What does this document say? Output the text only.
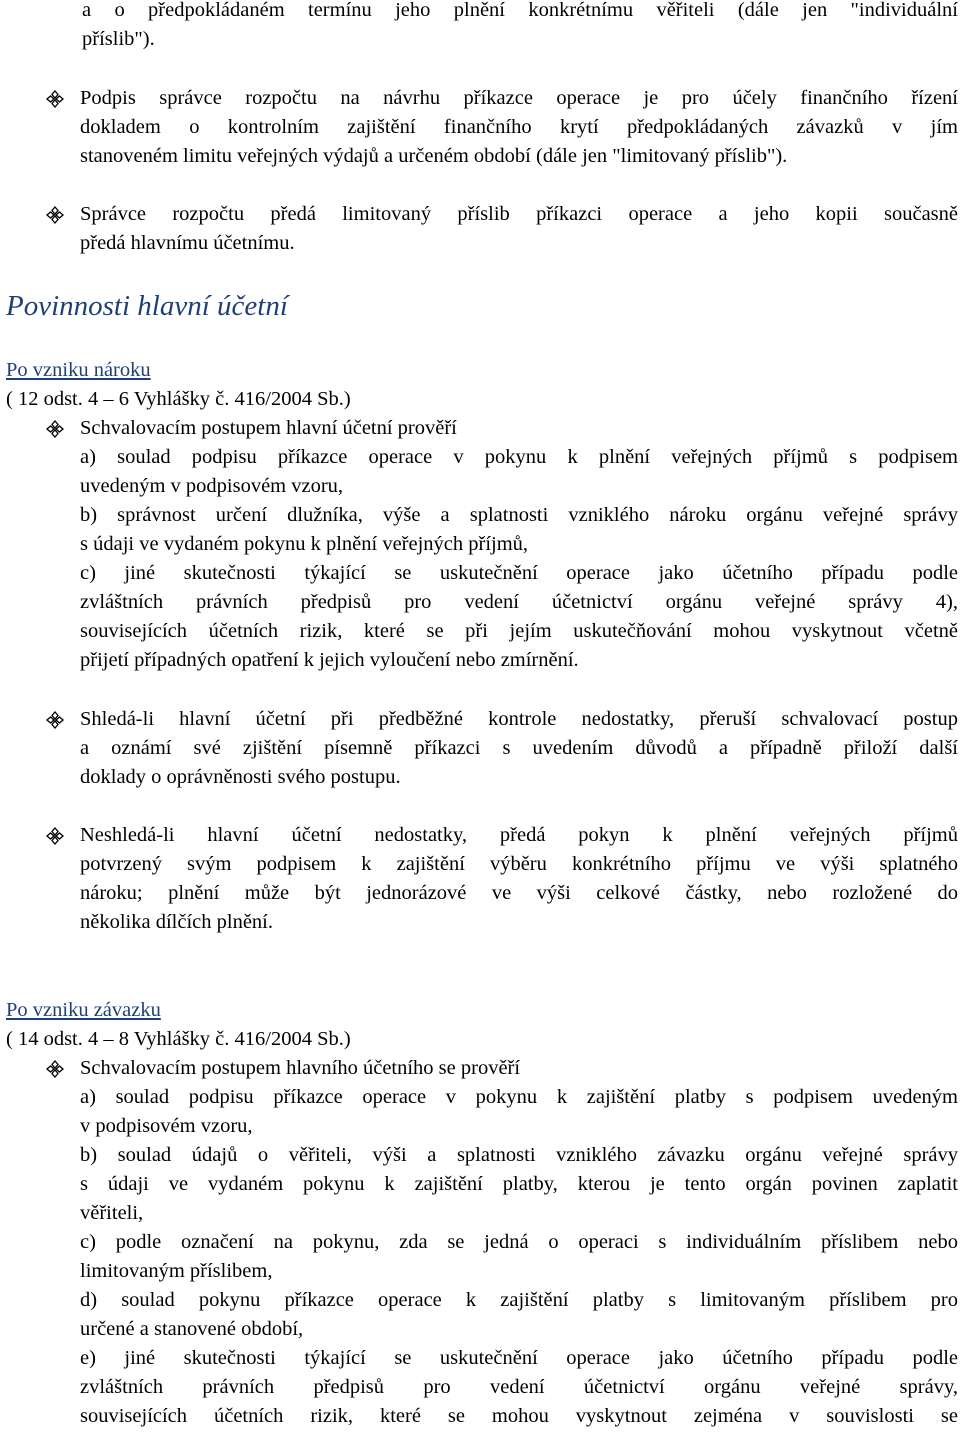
a o předpokládaném termínu jeho plnění konkrétnímu věřiteli (dále jen "individuální
příslib").
Podpis správce rozpočtu na návrhu příkazce operace je pro účely finančního řízení
dokladem o kontrolním zajištění finančního krytí předpokládaných závazků v jím
stanoveném limitu veřejných výdajů a určeném období (dále jen "limitovaný příslib").
Správce rozpočtu předá limitovaný příslib příkazci operace a jeho kopii současně
předá hlavnímu účetnímu.
Povinnosti hlavní účetní
Po vzniku nároku
( 12 odst. 4 – 6 Vyhlášky č. 416/2004 Sb.)
Schvalovacím postupem hlavní účetní prověří
a) soulad podpisu příkazce operace v pokynu k plnění veřejných příjmů s podpisem
uvedeným v podpisovém vzoru,
b) správnost určení dlužníka, výše a splatnosti vzniklého nároku orgánu veřejné správy
s údaji ve vydaném pokynu k plnění veřejných příjmů,
c) jiné skutečnosti týkající se uskutečnění operace jako účetního případu podle
zvláštních právních předpisů pro vedení účetnictví orgánu veřejné správy 4),
souvisejících účetních rizik, které se při jejím uskutečňování mohou vyskytnout včetně
přijetí případných opatření k jejich vyloučení nebo zmírnění.
Shledá-li hlavní účetní při předběžné kontrole nedostatky, přeruší schvalovací postup
a oznámí své zjištění písemně příkazci s uvedením důvodů a případně přiloží další
doklady o oprávněnosti svého postupu.
Neshledá-li hlavní účetní nedostatky, předá pokyn k plnění veřejných příjmů
potvrzený svým podpisem k zajištění výběru konkrétního příjmu ve výši splatného
nároku; plnění může být jednorázové ve výši celkové částky, nebo rozložené do
několika dílčích plnění.
Po vzniku závazku
( 14 odst. 4 – 8 Vyhlášky č. 416/2004 Sb.)
Schvalovacím postupem hlavního účetního se prověří
a) soulad podpisu příkazce operace v pokynu k zajištění platby s podpisem uvedeným
v podpisovém vzoru,
b) soulad údajů o věřiteli, výši a splatnosti vzniklého závazku orgánu veřejné správy
s údaji ve vydaném pokynu k zajištění platby, kterou je tento orgán povinen zaplatit
věřiteli,
c) podle označení na pokynu, zda se jedná o operaci s individuálním příslibem nebo
limitovaným příslibem,
d) soulad pokynu příkazce operace k zajištění platby s limitovaným příslibem pro
určené a stanovené období,
e) jiné skutečnosti týkající se uskutečnění operace jako účetního případu podle
zvláštních právních předpisů pro vedení účetnictví orgánu veřejné správy,
souvisejících účetních rizik, které se mohou vyskytnout zejména v souvislosti se
